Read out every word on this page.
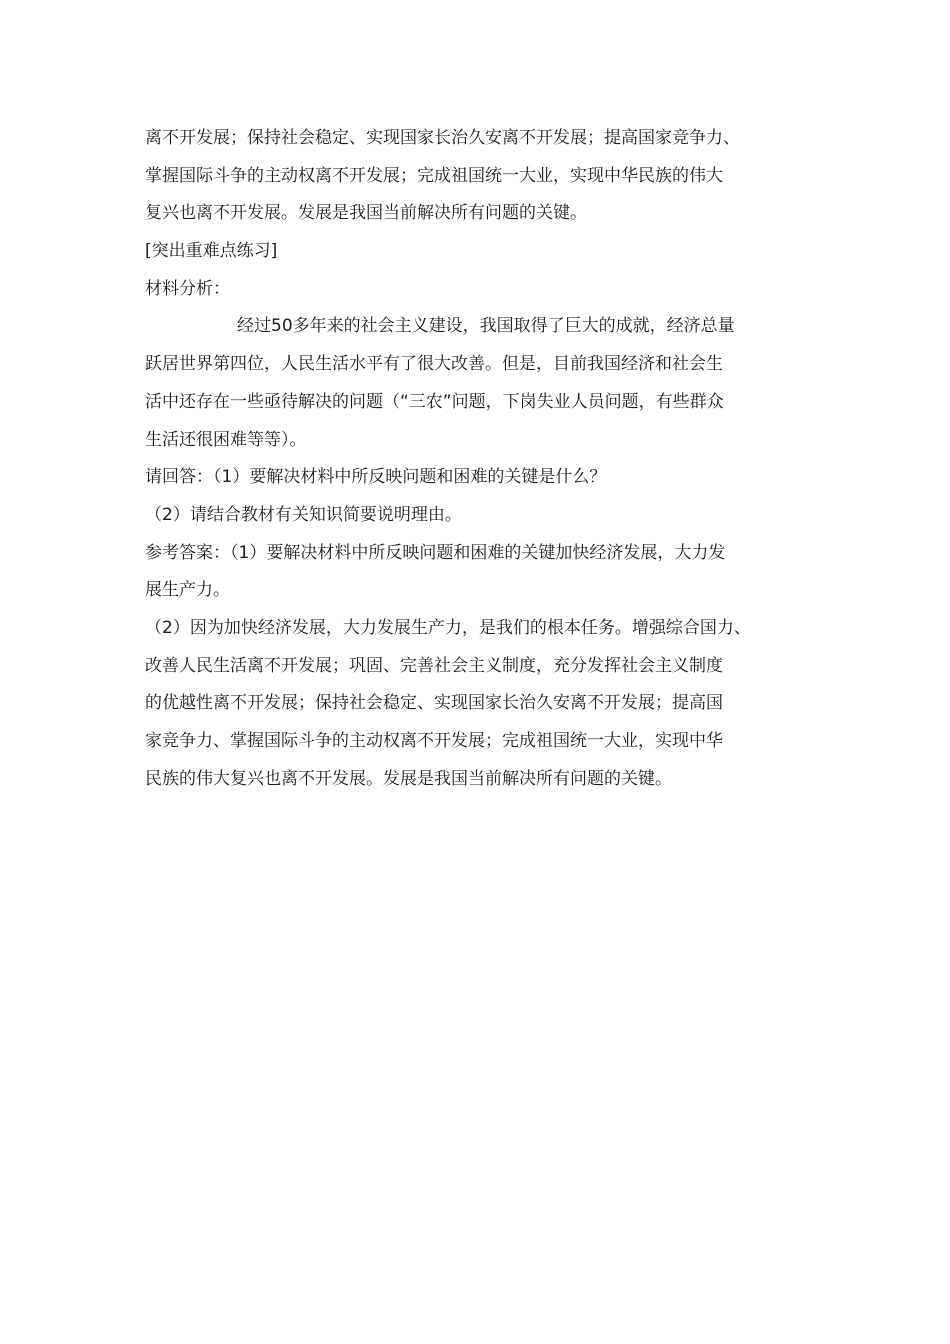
离不开发展；保持社会稳定、实现国家长治久安离不开发展；提高国家竞争力、
掌握国际斗争的主动权离不开发展；完成祖国统一大业，实现中华民族的伟大
复兴也离不开发展。发展是我国当前解决所有问题的关键。
[突出重难点练习]
材料分析：
经过50多年来的社会主义建设，我国取得了巨大的成就，经济总量
跃居世界第四位，人民生活水平有了很大改善。但是，目前我国经济和社会生
活中还存在一些亟待解决的问题（“三农”问题，下岗失业人员问题，有些群众
生活还很困难等等）。
请回答：（1）要解决材料中所反映问题和困难的关键是什么？
（2）请结合教材有关知识简要说明理由。
参考答案：（1）要解决材料中所反映问题和困难的关键加快经济发展，大力发
展生产力。
（2）因为加快经济发展，大力发展生产力，是我们的根本任务。增强综合国力、
改善人民生活离不开发展；巩固、完善社会主义制度，充分发挥社会主义制度
的优越性离不开发展；保持社会稳定、实现国家长治久安离不开发展；提高国
家竞争力、掌握国际斗争的主动权离不开发展；完成祖国统一大业，实现中华
民族的伟大复兴也离不开发展。发展是我国当前解决所有问题的关键。
